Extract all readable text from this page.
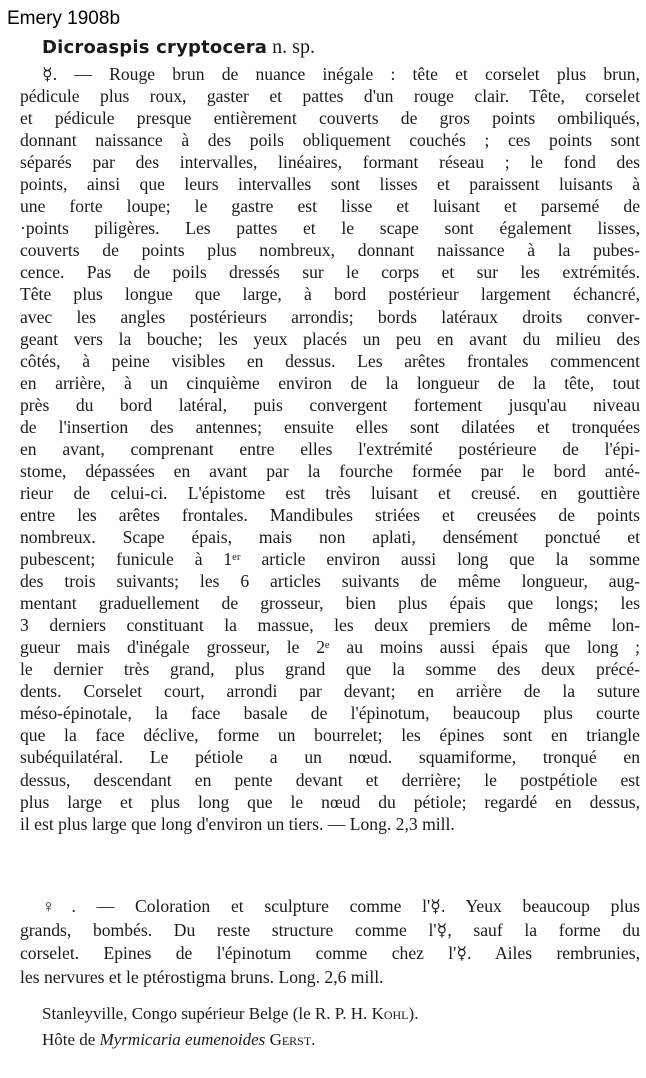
Emery 1908b
Dicroaspis cryptocera n. sp.
☿. — Rouge brun de nuance inégale : tête et corselet plus brun,
pédicule plus roux, gaster et pattes d'un rouge clair. Tête, corselet
et pédicule presque entièrement couverts de gros points ombiliqués,
donnant naissance à des poils obliquement couchés ; ces points sont
séparés par des intervalles, linéaires, formant réseau ; le fond des
points, ainsi que leurs intervalles sont lisses et paraissent luisants à
une forte loupe; le gastre est lisse et luisant et parsemé de
·points piligères. Les pattes et le scape sont également lisses,
couverts de points plus nombreux, donnant naissance à la pubes-
cence. Pas de poils dressés sur le corps et sur les extrémités.
Tête plus longue que large, à bord postérieur largement échancré,
avec les angles postérieurs arrondis; bords latéraux droits conver-
geant vers la bouche; les yeux placés un peu en avant du milieu des
côtés, à peine visibles en dessus. Les arêtes frontales commencent
en arrière, à un cinquième environ de la longueur de la tête, tout
près du bord latéral, puis convergent fortement jusqu'au niveau
de l'insertion des antennes; ensuite elles sont dilatées et tronquées
en avant, comprenant entre elles l'extrémité postérieure de l'épi-
stome, dépassées en avant par la fourche formée par le bord anté-
rieur de celui-ci. L'épistome est très luisant et creusé. en gouttière
entre les arêtes frontales. Mandibules striées et creusées de points
nombreux. Scape épais, mais non aplati, densément ponctué et
pubescent; funicule à 1ᵉʳ article environ aussi long que la somme
des trois suivants; les 6 articles suivants de même longueur, aug-
mentant graduellement de grosseur, bien plus épais que longs; les
3 derniers constituant la massue, les deux premiers de même lon-
gueur mais d'inégale grosseur, le 2ᵉ au moins aussi épais que long ;
le dernier très grand, plus grand que la somme des deux précé-
dents. Corselet court, arrondi par devant; en arrière de la suture
méso-épinotale, la face basale de l'épinotum, beaucoup plus courte
que la face déclive, forme un bourrelet; les épines sont en triangle
subéquilatéral. Le pétiole a un nœud. squamiforme, tronqué en
dessus, descendant en pente devant et derrière; le postpétiole est
plus large et plus long que le nœud du pétiole; regardé en dessus,
il est plus large que long d'environ un tiers. — Long. 2,3 mill.
♀. — Coloration et sculpture comme l'☿. Yeux beaucoup plus
grands, bombés. Du reste structure comme l'☿, sauf la forme du
corselet. Epines de l'épinotum comme chez l'☿. Ailes rembrunies,
les nervures et le ptérostigma bruns. Long. 2,6 mill.
Stanleyville, Congo supérieur Belge (le R. P. H. Kohl).
Hôte de Myrmicaria eumenoides Gerst.
